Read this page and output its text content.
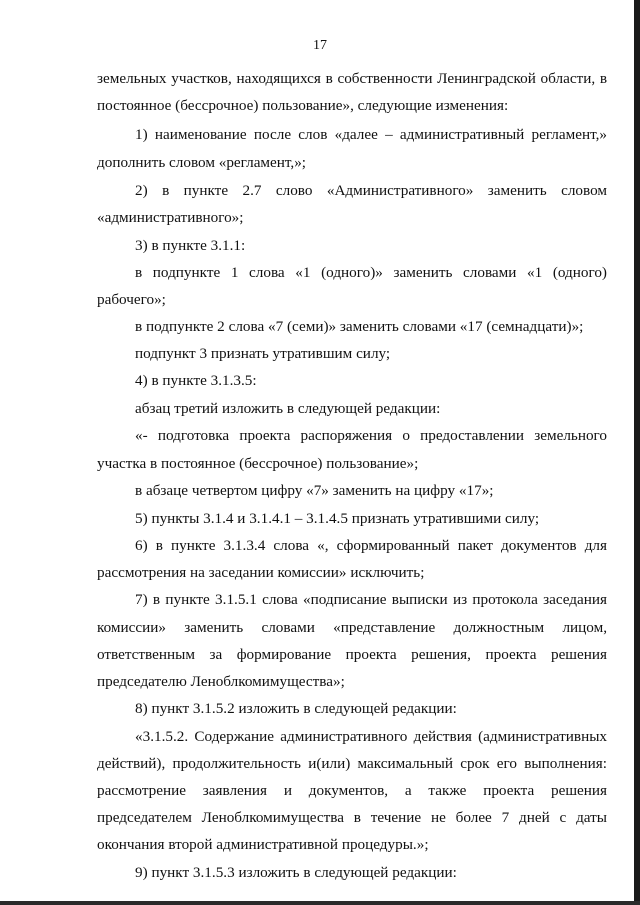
17
земельных участков, находящихся в собственности Ленинградской области, в
постоянное (бессрочное) пользование», следующие изменения:
1) наименование после слов «далее – административный регламент,»
дополнить словом «регламент,»;
2) в пункте 2.7 слово «Административного» заменить словом
«административного»;
3) в пункте 3.1.1:
в подпункте 1 слова «1 (одного)» заменить словами «1 (одного)
рабочего»;
в подпункте 2 слова «7 (семи)» заменить словами «17 (семнадцати)»;
подпункт 3 признать утратившим силу;
4) в пункте 3.1.3.5:
абзац третий изложить в следующей редакции:
«- подготовка проекта распоряжения о предоставлении земельного
участка в постоянное (бессрочное) пользование»;
в абзаце четвертом цифру «7» заменить на цифру «17»;
5) пункты 3.1.4 и 3.1.4.1 – 3.1.4.5 признать утратившими силу;
6) в пункте 3.1.3.4 слова «, сформированный пакет документов для
рассмотрения на заседании комиссии» исключить;
7) в пункте 3.1.5.1 слова «подписание выписки из протокола заседания
комиссии» заменить словами «представление должностным лицом,
ответственным за формирование проекта решения, проекта решения
председателю Леноблкомимущества»;
8) пункт 3.1.5.2 изложить в следующей редакции:
«3.1.5.2. Содержание административного действия (административных
действий), продолжительность и(или) максимальный срок его выполнения:
рассмотрение заявления и документов, а также проекта решения
председателем Леноблкомимущества в течение не более 7 дней с даты
окончания второй административной процедуры.»;
9) пункт 3.1.5.3 изложить в следующей редакции:
